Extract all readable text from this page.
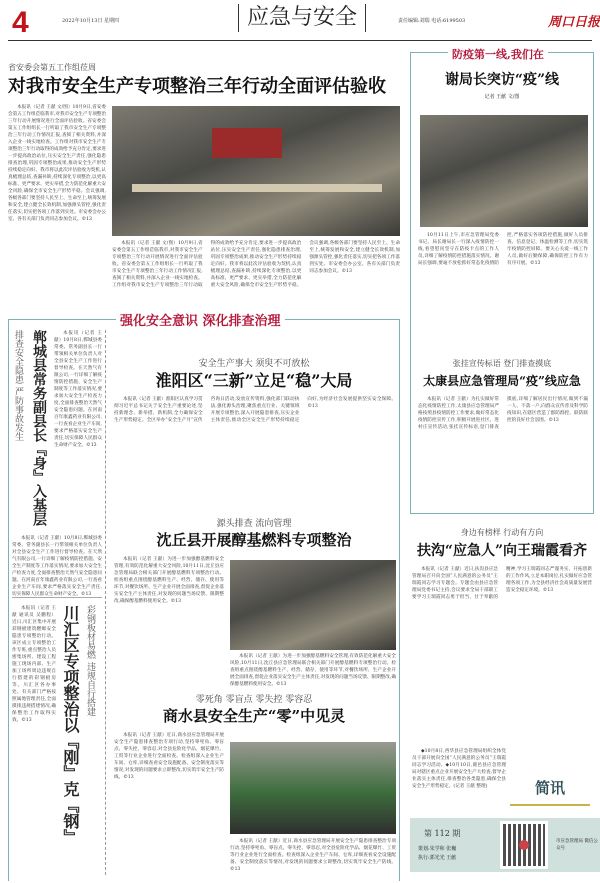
4	2022年10月13日 星期四	应急与安全	责任编辑:刘瑞 电话:6199503	周口日报
省安委会第五工作组莅周
对我市安全生产专项整治三年行动全面评估验收
本报讯（记者 王献 文/图）10月9日,省安委会第五工作组莅临我市,对我市安全生产专项整治三年行动开展情况进行全面评估验收。省安委会第五工作组组长一行听取了我市安全生产专项整治三年行动工作情况汇报,查阅了相关资料,并深入企业一线实地检查。工作组对我市安全生产专项整治三年行动取得的成效给予充分肯定,要求进一步提高政治站位,压实安全生产责任,强化隐患排查治理,巩固专项整治成果,推动安全生产形势持续稳定向好。我市将以此次评估验收为契机,认真梳理总结,查漏补缺,持续深化专项整治,以更高标准、更严要求、更实举措,全力防范化解重大安全风险,确保全市安全生产形势平稳。会议强调,各级各部门要坚持人民至上、生命至上,统筹发展和安全,建立健全长效机制,加强源头管控,强化责任落实,切实把各项工作落到实处。市安委会办公室、各有关部门负责同志参加会议。©13
本报讯（记者 王献 文/图）10月9日,省安委会第五工作组莅临我市,对我市安全生产专项整治三年行动开展情况进行全面评估验收。省安委会第五工作组组长一行听取了我市安全生产专项整治三年行动工作情况汇报,查阅了相关资料,并深入企业一线实地检查。工作组对我市安全生产专项整治三年行动取得的成效给予充分肯定,要求进一步提高政治站位,压实安全生产责任,强化隐患排查治理,巩固专项整治成果,推动安全生产形势持续稳定向好。我市将以此次评估验收为契机,认真梳理总结,查漏补缺,持续深化专项整治,以更高标准、更严要求、更实举措,全力防范化解重大安全风险,确保全市安全生产形势平稳。会议强调,各级各部门要坚持人民至上、生命至上,统筹发展和安全,建立健全长效机制,加强源头管控,强化责任落实,切实把各项工作落到实处。市安委会办公室、各有关部门负责同志参加会议。©13
防疫第一线,我们在
谢局长突访“疫”线
记者 王献 文/图
10月11日上午,市应急管理局党委书记、局长谢局长一行深入疫情防控一线,看望慰问坚守在防疫卡点的工作人员,详细了解疫情防控措施落实情况。谢局长强调,要毫不放松抓好常态化疫情防控,严格落实各项防控措施,做好人员排查、信息登记、体温检测等工作,切实筑牢疫情防控屏障。要关心关爱一线工作人员,做好后勤保障,确保防控工作有力有序开展。©13
张挂宣传标语 登门排查摸底
太康县应急管理局“疫”线应急
本报讯（记者 王献）为扎实做好常态化疫情防控工作,太康县应急管理局严格按照县疫情防控工作要求,做好常态化疫情防控宣传工作,积极开展进社区、进村庄宣传活动,张挂宣传标语,登门排查摸底,详细了解居民出行情况,做到不漏一人、不落一户,向群众宣传普及科学防疫知识,在辖区营造了群防群控、联防联控的良好社会氛围。©13
身边有榜样 行动有方向
扶沟“应急人”向王瑞霞看齐
本报讯（记者 王献）近日,扶沟县应急管理局召开向全国“人民满意的公务员”王瑞霞同志学习专题会。专题会由县应急管理局党委书记主持,会议要求全局干部职工要学习王瑞霞同志勇于担当、甘于奉献的精神,学习王瑞霞同志严谨务实、开拓创新的工作作风,立足本职岗位,扎实做好应急管理各项工作,为全县经济社会高质量发展营造安全稳定环境。©13
◆10月8日,西华县应急管理局组织全体党员干部开展向全国“人民满意的公务员”王瑞霞同志学习活动。◆10月10日,鹿邑县应急管理局对辖区重点企业开展安全生产大检查,督导企业落实主体责任,排查整治各类隐患,确保全县安全生产形势稳定。(记者 王献 整理)	简讯
第 112 期
策划:朱学和 张巍
执行:郭光光 王献
市应急管理局 微信公众号
强化安全意识 深化排查治理
排查安全隐患 严防事故发生 郸城县常务副县长『身』入基层	本报讯（记者 王献）10月8日,郸城县委常委、常务副县长一行带领相关单位负责人对全县安全生产工作进行督导检查。在天然气有限公司,一行详细了解疫情防控措施、安全生产制度等工作落实情况,要求加大安全生产检查力度,全面排查整治天然气安全隐患问题。在河南百年康鑫药业有限公司,一行查看企业生产车间,要求严格落实安全生产责任,切实保障人民群众生命财产安全。©13
本报讯（记者 王献）10月8日,郸城县委常委、常务副县长一行带领相关单位负责人对全县安全生产工作进行督导检查。在天然气有限公司,一行详细了解疫情防控措施、安全生产制度等工作落实情况,要求加大安全生产检查力度,全面排查整治天然气安全隐患问题。在河南百年康鑫药业有限公司,一行查看企业生产车间,要求严格落实安全生产责任,切实保障人民群众生命财产安全。©13
本报讯（记者 王献 通讯员 吴鹏程）近日,川汇区集中开展彩钢板建筑燃爆安全隐患专项整治行动。该区成立专项整治工作专班,重点整治人员密集场所、建设工程施工现场内部、生产加工场所周边违规自行搭建的彩钢板房等。川汇区各办事处、有关部门严格按照属地管理责任,全面摸排违规搭建情况,确保整治工作取得实效。©13	川汇区专项整治以『刚』克『钢』 彩钢板材易燃 违规自行搭建
安全生产事大 须臾不可放松
淮阳区“三新”立足“稳”大局
本报讯（记者 王献）淮阳区认真学习贯彻习近平总书记关于安全生产重要论述,坚持新理念、新举措、新机制,全力确保安全生产形势稳定。全区举办“安全生产月”宣传咨询日活动,发放宣传资料,强化部门联动执法,强化源头治理,聚焦重点行业、关键领域开展专项整治,深入开展隐患排查,压实企业主体责任,推动全区安全生产形势持续稳定向好,为经济社会发展提供坚实安全保障。©13
源头排查 流向管理
沈丘县开展醇基燃料专项整治
本报讯（记者 王献）为进一步加强醇基燃料安全管理,有效防范化解重大安全风险,10月11日,沈丘县应急管理局联合相关部门开展醇基燃料专项整治行动。检查组重点围绕醇基燃料生产、经营、储存、使用等环节,对餐饮场所、生产企业开展全面排查,督促企业落实安全生产主体责任,对发现的问题当场反馈、限期整改,确保醇基燃料使用安全。©13
本报讯（记者 王献）为进一步加强醇基燃料安全管理,有效防范化解重大安全风险,10月11日,沈丘县应急管理局联合相关部门开展醇基燃料专项整治行动。检查组重点围绕醇基燃料生产、经营、储存、使用等环节,对餐饮场所、生产企业开展全面排查,督促企业落实安全生产主体责任,对发现的问题当场反馈、限期整改,确保醇基燃料使用安全。©13
零死角 零盲点 零失控 零容忍
商水县安全生产“零”中见灵
本报讯（记者 王献）近日,商水县应急管理局开展安全生产隐患排查整治专项行动,坚持零死角、零盲点、零失控、零容忍,对全县危险化学品、烟花爆竹、工贸等行业企业进行全面检查。检查组深入企业生产车间、仓库,详细查看安全设施配备、安全制度落实等情况,对发现的问题要求立即整改,切实筑牢安全生产防线。©13
本报讯（记者 王献）近日,商水县应急管理局开展安全生产隐患排查整治专项行动,坚持零死角、零盲点、零失控、零容忍,对全县危险化学品、烟花爆竹、工贸等行业企业进行全面检查。检查组深入企业生产车间、仓库,详细查看安全设施配备、安全制度落实等情况,对发现的问题要求立即整改,切实筑牢安全生产防线。©13
